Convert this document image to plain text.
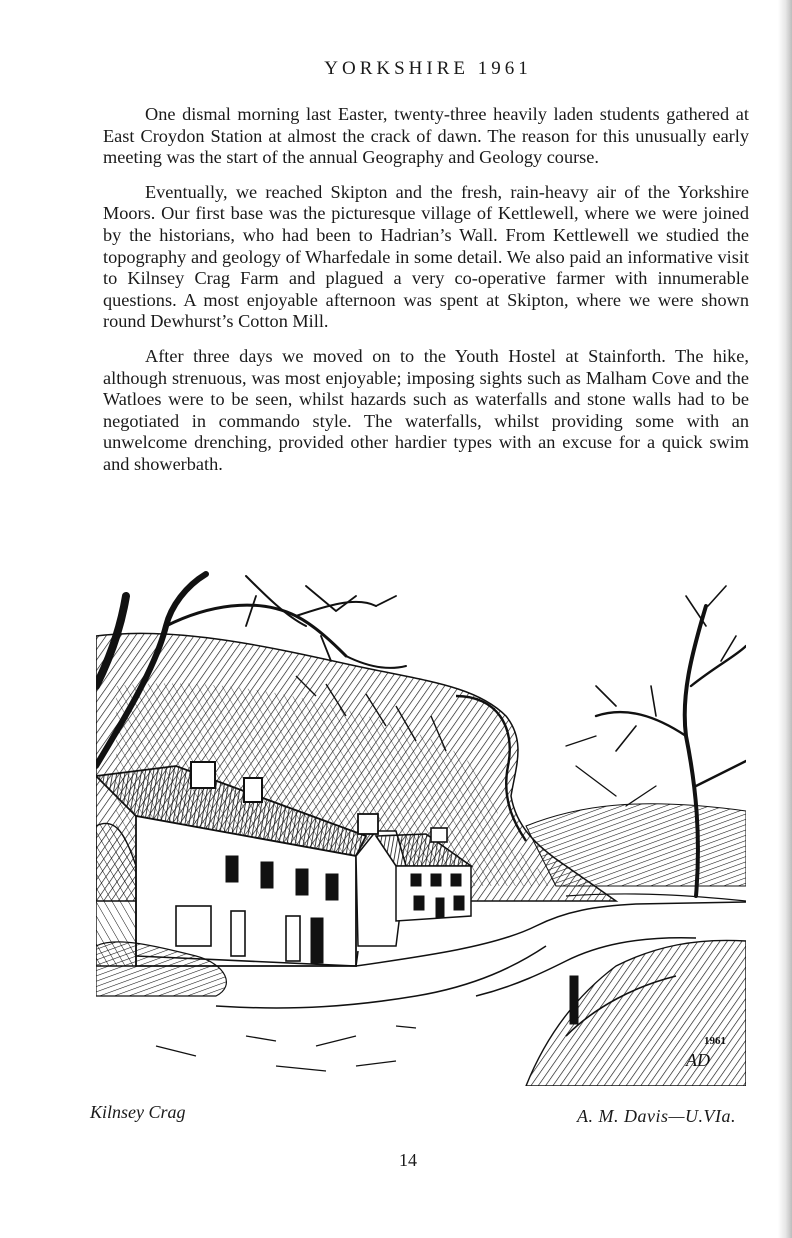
YORKSHIRE 1961

One dismal morning last Easter, twenty-three heavily laden students gathered at East Croydon Station at almost the crack of dawn. The reason for this unusually early meeting was the start of the annual Geography and Geology course.

Eventually, we reached Skipton and the fresh, rain-heavy air of the Yorkshire Moors. Our first base was the picturesque village of Kettlewell, where we were joined by the historians, who had been to Hadrian’s Wall. From Kettlewell we studied the topography and geology of Wharfedale in some detail. We also paid an informative visit to Kilnsey Crag Farm and plagued a very co-operative farmer with innumerable questions. A most enjoyable afternoon was spent at Skipton, where we were shown round Dewhurst’s Cotton Mill.

After three days we moved on to the Youth Hostel at Stainforth. The hike, although strenuous, was most enjoyable; imposing sights such as Malham Cove and the Watloes were to be seen, whilst hazards such as waterfalls and stone walls had to be negotiated in commando style. The waterfalls, whilst providing some with an unwelcome drenching, provided other hardier types with an excuse for a quick swim and showerbath.

1961
AD
Kilnsey Crag	A. M. Davis—U.VIa.
14
